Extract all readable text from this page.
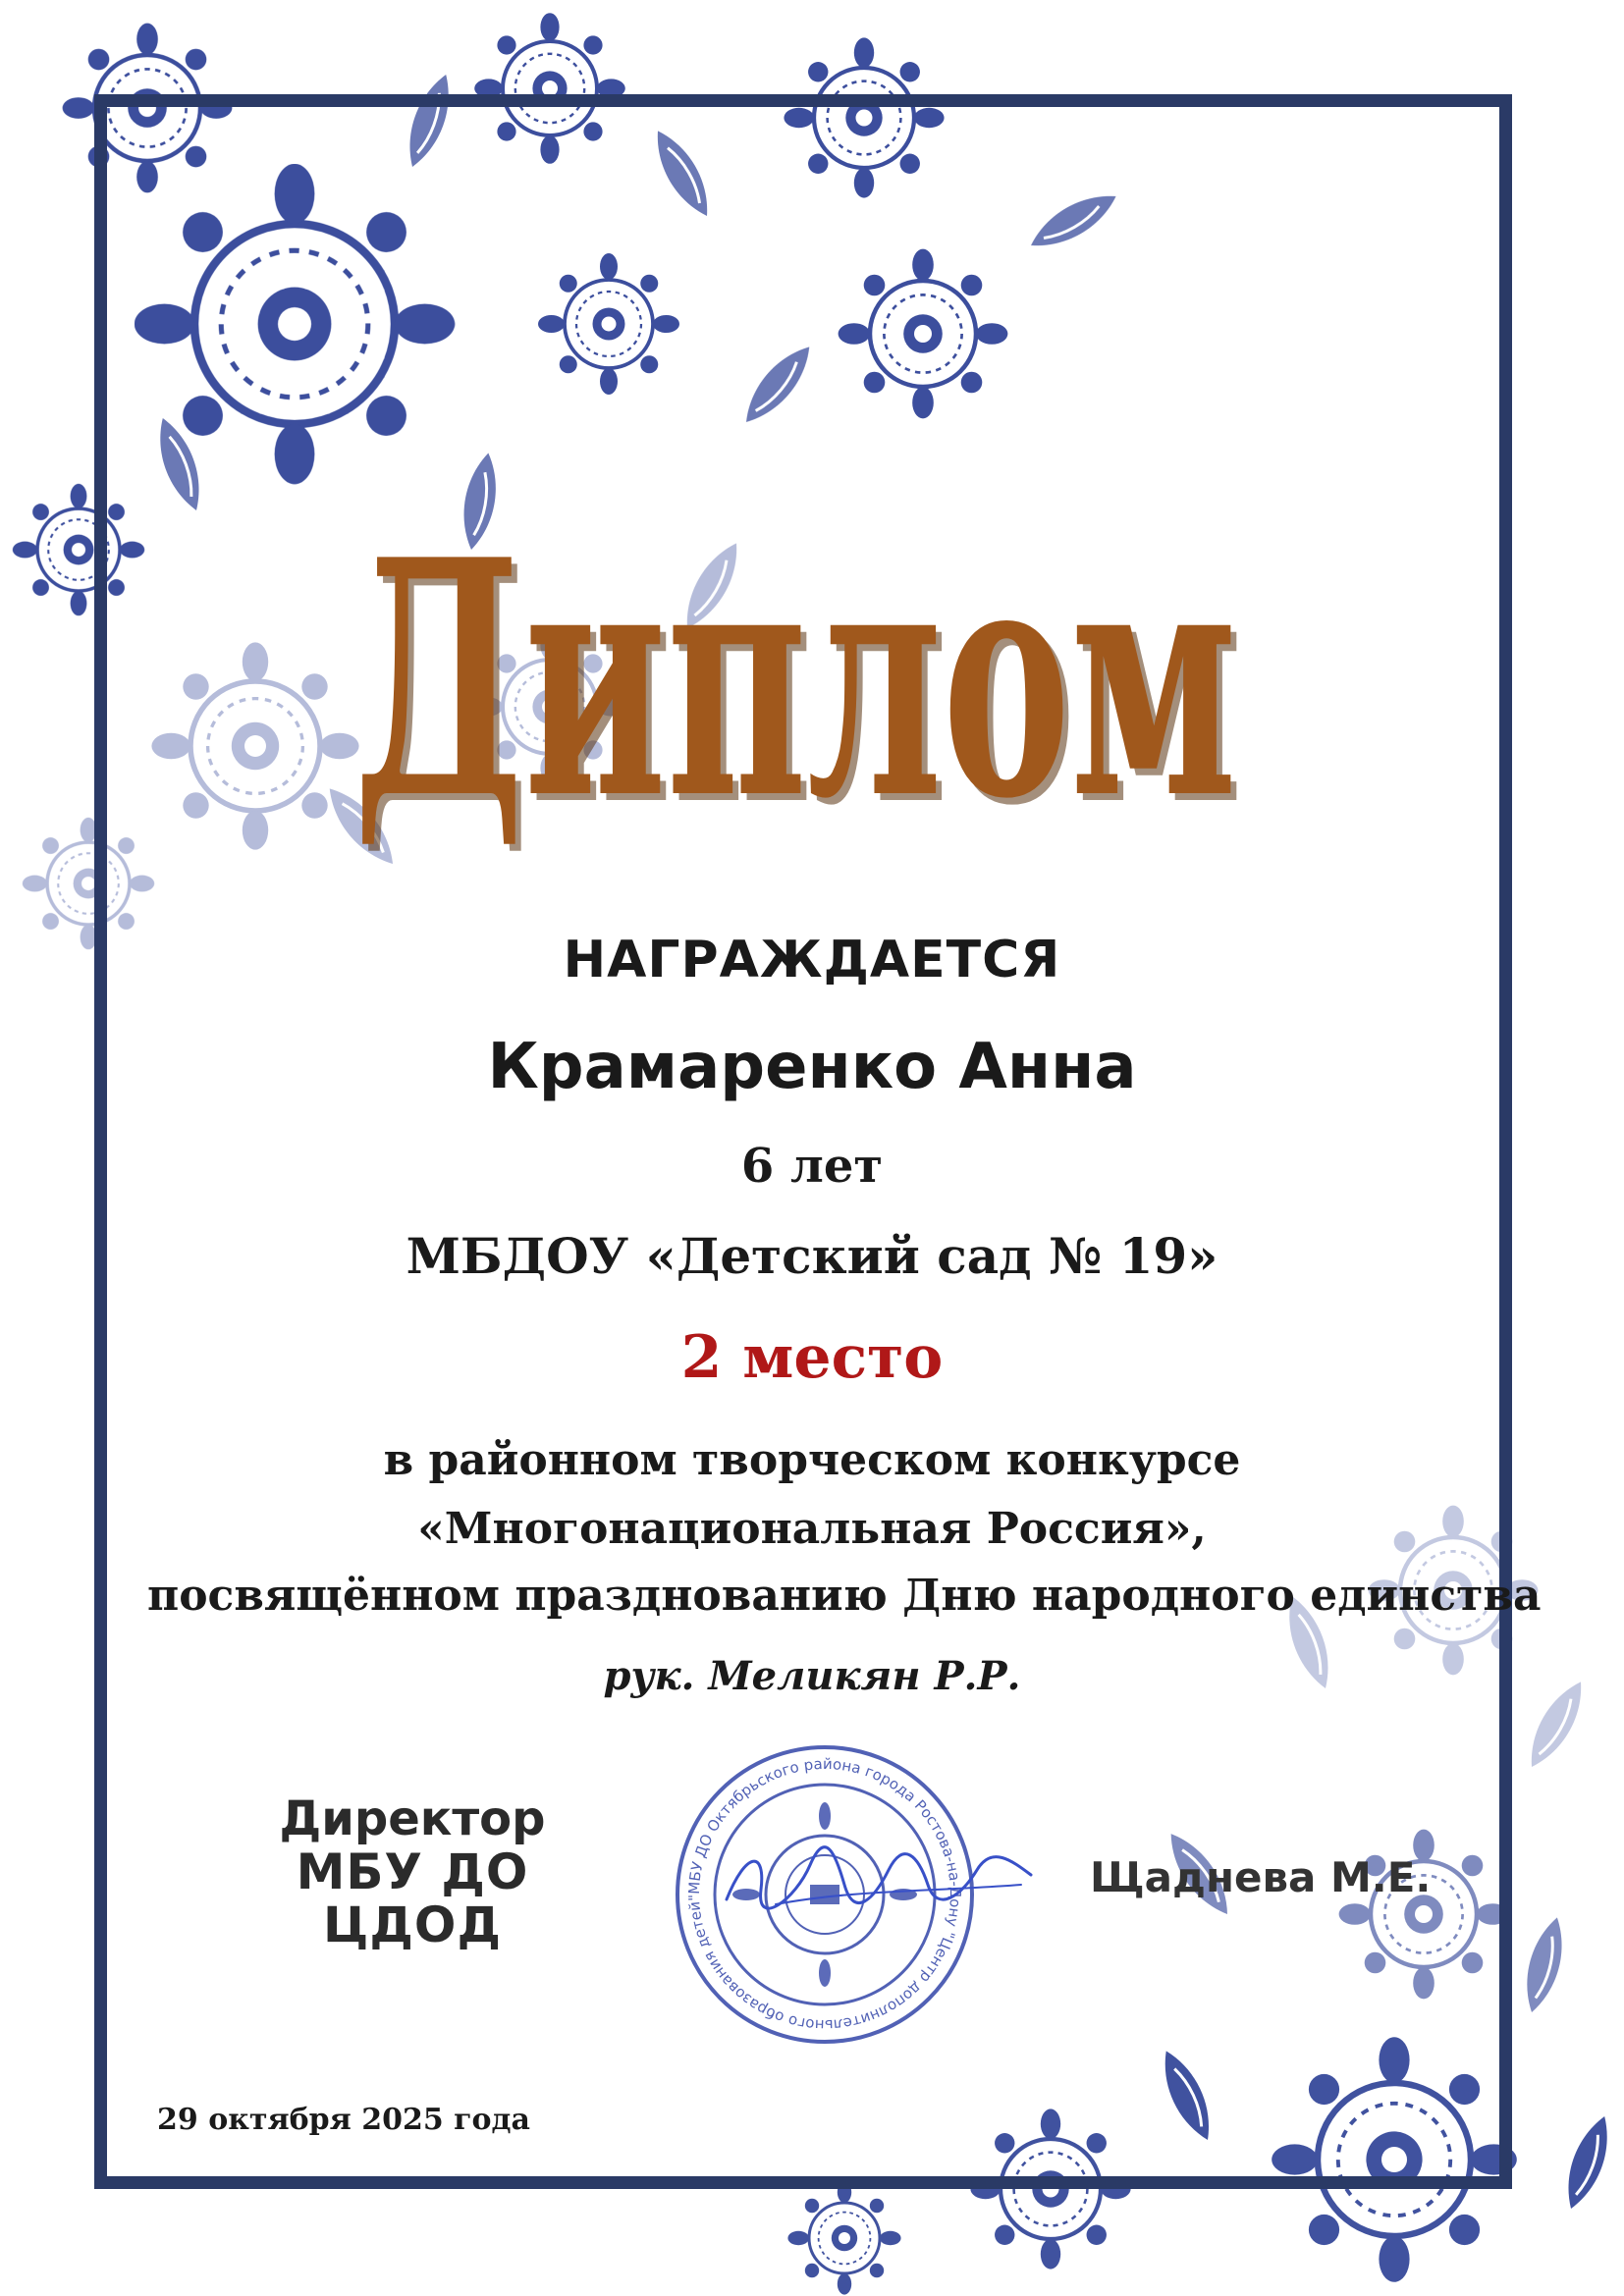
Диплом
Диплом
НАГРАЖДАЕТСЯ
Крамаренко Анна
6 лет
МБДОУ «Детский сад № 19»
2 место
в районном творческом конкурсе
«Многонациональная Россия»,
посвящённом празднованию Дню народного единства
рук. Меликян Р.Р.
Директор
МБУ ДО ЦДОД
МБУ ДО Октябрьского района города Ростова-на-Дону "Центр дополнительного образования детей"	Щаднева М.Е.
29 октября 2025 года
